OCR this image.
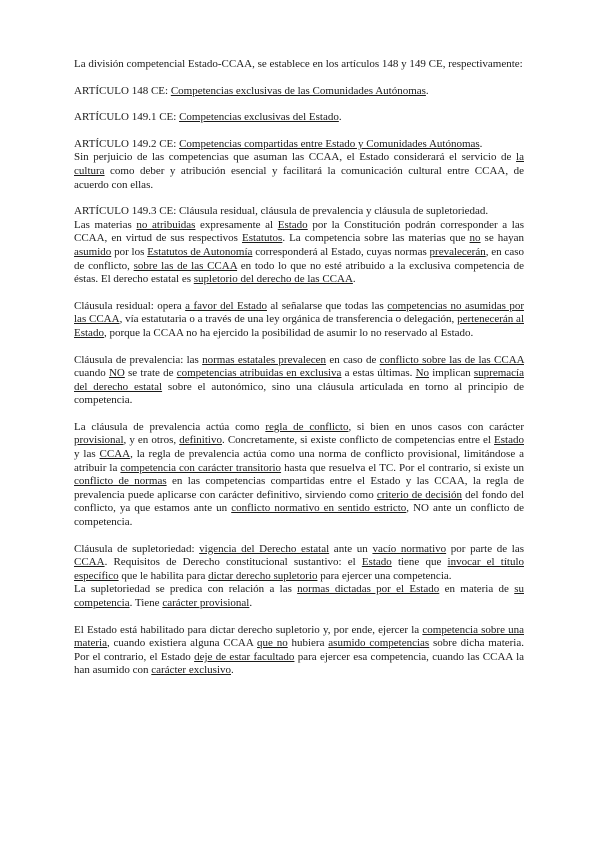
La división competencial Estado-CCAA, se establece en los artículos 148 y 149 CE, respectivamente:

ARTÍCULO 148 CE: Competencias exclusivas de las Comunidades Autónomas.

ARTÍCULO 149.1 CE: Competencias exclusivas del Estado.

ARTÍCULO 149.2 CE: Competencias compartidas entre Estado y Comunidades Autónomas.

Sin perjuicio de las competencias que asuman las CCAA, el Estado considerará el servicio de la cultura como deber y atribución esencial y facilitará la comunicación cultural entre CCAA, de acuerdo con ellas.

ARTÍCULO 149.3 CE: Cláusula residual, cláusula de prevalencia y cláusula de supletoriedad.

Las materias no atribuidas expresamente al Estado por la Constitución podrán corresponder a las CCAA, en virtud de sus respectivos Estatutos. La competencia sobre las materias que no se hayan asumido por los Estatutos de Autonomía corresponderá al Estado, cuyas normas prevalecerán, en caso de conflicto, sobre las de las CCAA en todo lo que no esté atribuido a la exclusiva competencia de éstas. El derecho estatal es supletorio del derecho de las CCAA.

Cláusula residual: opera a favor del Estado al señalarse que todas las competencias no asumidas por las CCAA, vía estatutaria o a través de una ley orgánica de transferencia o delegación, pertenecerán al Estado, porque la CCAA no ha ejercido la posibilidad de asumir lo no reservado al Estado.

Cláusula de prevalencia: las normas estatales prevalecen en caso de conflicto sobre las de las CCAA cuando NO se trate de competencias atribuidas en exclusiva a estas últimas. No implican supremacía del derecho estatal sobre el autonómico, sino una cláusula articulada en torno al principio de competencia.

La cláusula de prevalencia actúa como regla de conflicto, si bien en unos casos con carácter provisional, y en otros, definitivo. Concretamente, si existe conflicto de competencias entre el Estado y las CCAA, la regla de prevalencia actúa como una norma de conflicto provisional, limitándose a atribuir la competencia con carácter transitorio hasta que resuelva el TC. Por el contrario, si existe un conflicto de normas en las competencias compartidas entre el Estado y las CCAA, la regla de prevalencia puede aplicarse con carácter definitivo, sirviendo como criterio de decisión del fondo del conflicto, ya que estamos ante un conflicto normativo en sentido estricto, NO ante un conflicto de competencia.

Cláusula de supletoriedad: vigencia del Derecho estatal ante un vacío normativo por parte de las CCAA. Requisitos de Derecho constitucional sustantivo: el Estado tiene que invocar el título específico que le habilita para dictar derecho supletorio para ejercer una competencia.

La supletoriedad se predica con relación a las normas dictadas por el Estado en materia de su competencia. Tiene carácter provisional.

El Estado está habilitado para dictar derecho supletorio y, por ende, ejercer la competencia sobre una materia, cuando existiera alguna CCAA que no hubiera asumido competencias sobre dicha materia. Por el contrario, el Estado deje de estar facultado para ejercer esa competencia, cuando las CCAA la han asumido con carácter exclusivo.
